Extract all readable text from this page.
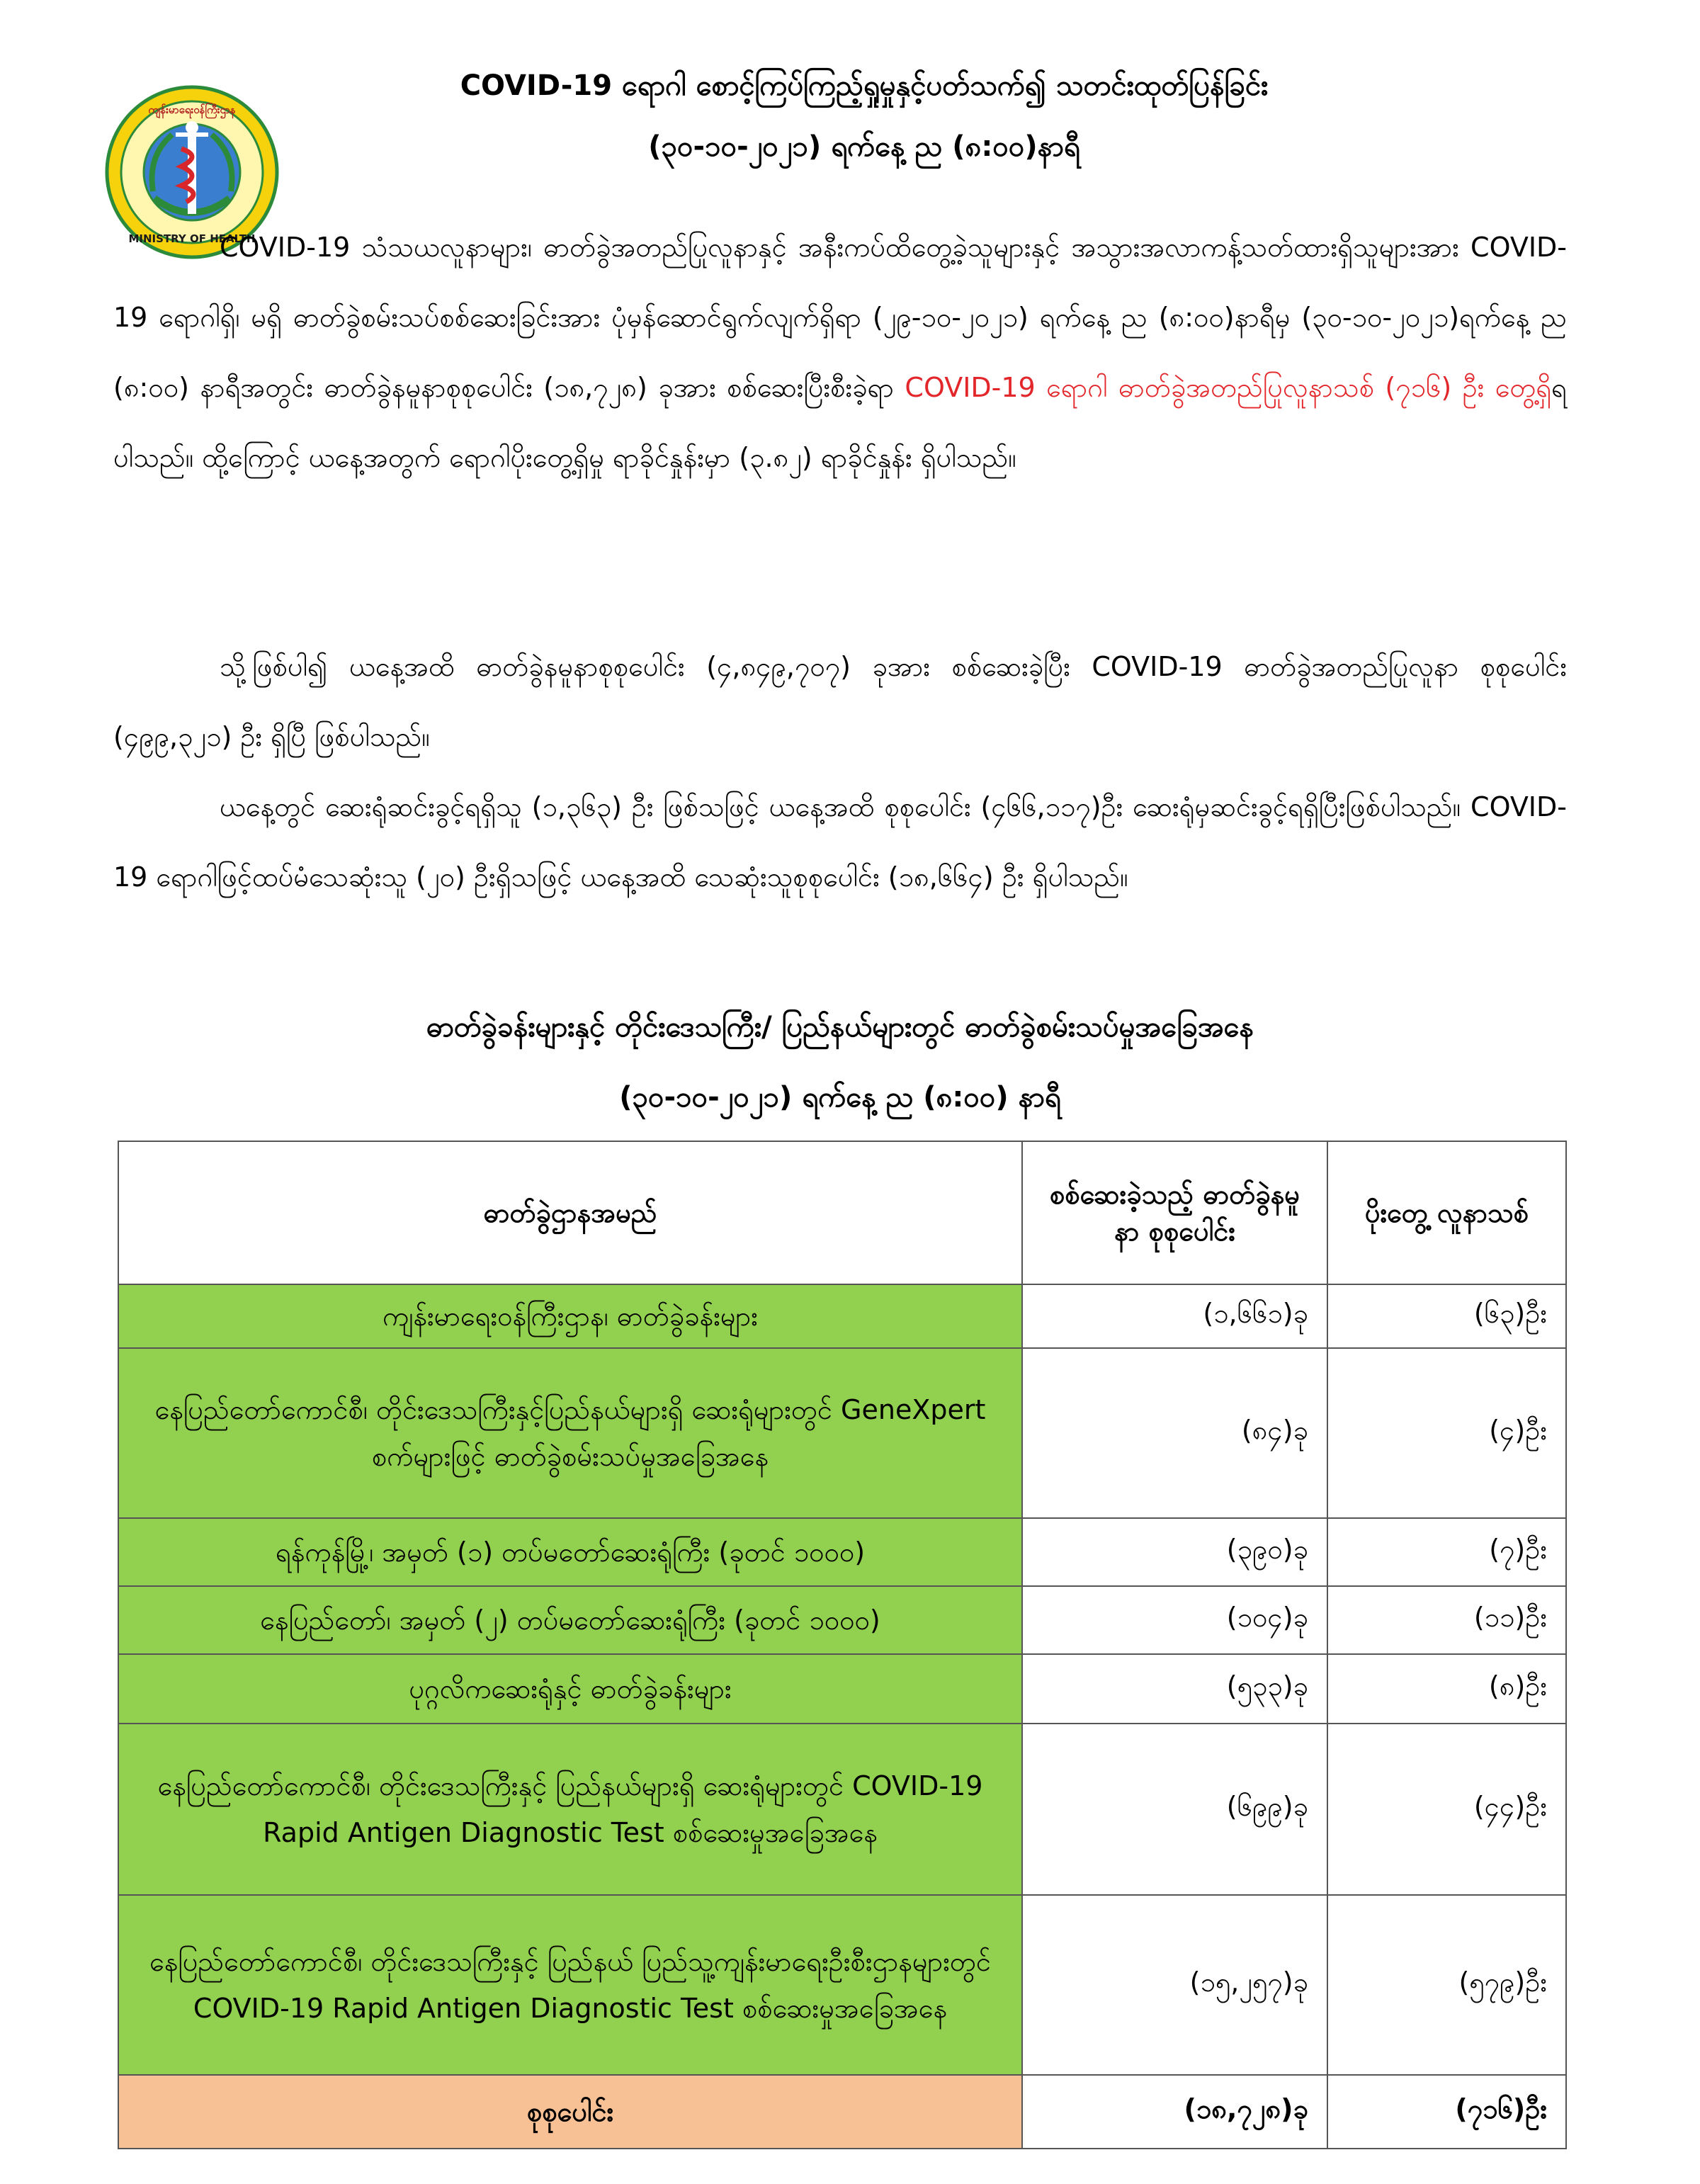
ကျန်းမာရေးဝန်ကြီးဌာန
MINISTRY OF HEALTH
COVID-19 ရောဂါ စောင့်ကြပ်ကြည့်ရှုမှုနှင့်ပတ်သက်၍ သတင်းထုတ်ပြန်ခြင်း
(၃၀-၁၀-၂၀၂၁) ရက်နေ့ ည (၈:၀၀)နာရီ
COVID-19 သံသယလူနာများ၊ ဓာတ်ခွဲအတည်ပြုလူနာနှင့် အနီးကပ်ထိတွေ့ခဲ့သူများနှင့် အသွားအလာကန့်သတ်ထားရှိသူများအား COVID-19 ရောဂါရှိ၊ မရှိ ဓာတ်ခွဲစမ်းသပ်စစ်ဆေးခြင်းအား ပုံမှန်ဆောင်ရွက်လျက်ရှိရာ (၂၉-၁၀-၂၀၂၁) ရက်နေ့ ည (၈:၀၀)နာရီမှ (၃၀-၁၀-၂၀၂၁)ရက်နေ့ ည (၈:၀၀) နာရီအတွင်း ဓာတ်ခွဲနမူနာစုစုပေါင်း (၁၈,၇၂၈) ခုအား စစ်ဆေးပြီးစီးခဲ့ရာ COVID-19 ရောဂါ ဓာတ်ခွဲအတည်ပြုလူနာသစ် (၇၁၆) ဦး တွေ့ရှိရပါသည်။ ထို့ကြောင့် ယနေ့အတွက် ရောဂါပိုးတွေ့ရှိမှု ရာခိုင်နှုန်းမှာ (၃.၈၂) ရာခိုင်နှုန်း ရှိပါသည်။
သို့ဖြစ်ပါ၍ ယနေ့အထိ ဓာတ်ခွဲနမူနာစုစုပေါင်း (၄,၈၄၉,၇၀၇) ခုအား စစ်ဆေးခဲ့ပြီး COVID-19 ဓာတ်ခွဲအတည်ပြုလူနာ စုစုပေါင်း (၄၉၉,၃၂၁) ဦး ရှိပြီ ဖြစ်ပါသည်။
ယနေ့တွင် ဆေးရုံဆင်းခွင့်ရရှိသူ (၁,၃၆၃) ဦး ဖြစ်သဖြင့် ယနေ့အထိ စုစုပေါင်း (၄၆၆,၁၁၇)ဦး ဆေးရုံမှဆင်းခွင့်ရရှိပြီးဖြစ်ပါသည်။ COVID-19 ရောဂါဖြင့်ထပ်မံသေဆုံးသူ (၂၀) ဦးရှိသဖြင့် ယနေ့အထိ သေဆုံးသူစုစုပေါင်း (၁၈,၆၆၄) ဦး ရှိပါသည်။
ဓာတ်ခွဲခန်းများနှင့် တိုင်းဒေသကြီး/ ပြည်နယ်များတွင် ဓာတ်ခွဲစမ်းသပ်မှုအခြေအနေ
(၃၀-၁၀-၂၀၂၁) ရက်နေ့ ည (၈:၀၀) နာရီ
ဓာတ်ခွဲဌာနအမည်	စစ်ဆေးခဲ့သည့် ဓာတ်ခွဲနမူနာ စုစုပေါင်း	ပိုးတွေ့ လူနာသစ်
ကျန်းမာရေးဝန်ကြီးဌာန၊ ဓာတ်ခွဲခန်းများ	(၁,၆၆၁)ခု	(၆၃)ဦး
နေပြည်တော်ကောင်စီ၊ တိုင်းဒေသကြီးနှင့်ပြည်နယ်များရှိ ဆေးရုံများတွင် GeneXpert စက်များဖြင့် ဓာတ်ခွဲစမ်းသပ်မှုအခြေအနေ	(၈၄)ခု	(၄)ဦး
ရန်ကုန်မြို့၊ အမှတ် (၁) တပ်မတော်ဆေးရုံကြီး (ခုတင် ၁၀၀၀)	(၃၉၀)ခု	(၇)ဦး
နေပြည်တော်၊ အမှတ် (၂) တပ်မတော်ဆေးရုံကြီး (ခုတင် ၁၀၀၀)	(၁၀၄)ခု	(၁၁)ဦး
ပုဂ္ဂလိကဆေးရုံနှင့် ဓာတ်ခွဲခန်းများ	(၅၃၃)ခု	(၈)ဦး
နေပြည်တော်ကောင်စီ၊ တိုင်းဒေသကြီးနှင့် ပြည်နယ်များရှိ ဆေးရုံများတွင် COVID-19 Rapid Antigen Diagnostic Test စစ်ဆေးမှုအခြေအနေ	(၆၉၉)ခု	(၄၄)ဦး
နေပြည်တော်ကောင်စီ၊ တိုင်းဒေသကြီးနှင့် ပြည်နယ် ပြည်သူ့ကျန်းမာရေးဦးစီးဌာနများတွင် COVID-19 Rapid Antigen Diagnostic Test စစ်ဆေးမှုအခြေအနေ	(၁၅,၂၅၇)ခု	(၅၇၉)ဦး
စုစုပေါင်း	(၁၈,၇၂၈)ခု	(၇၁၆)ဦး
